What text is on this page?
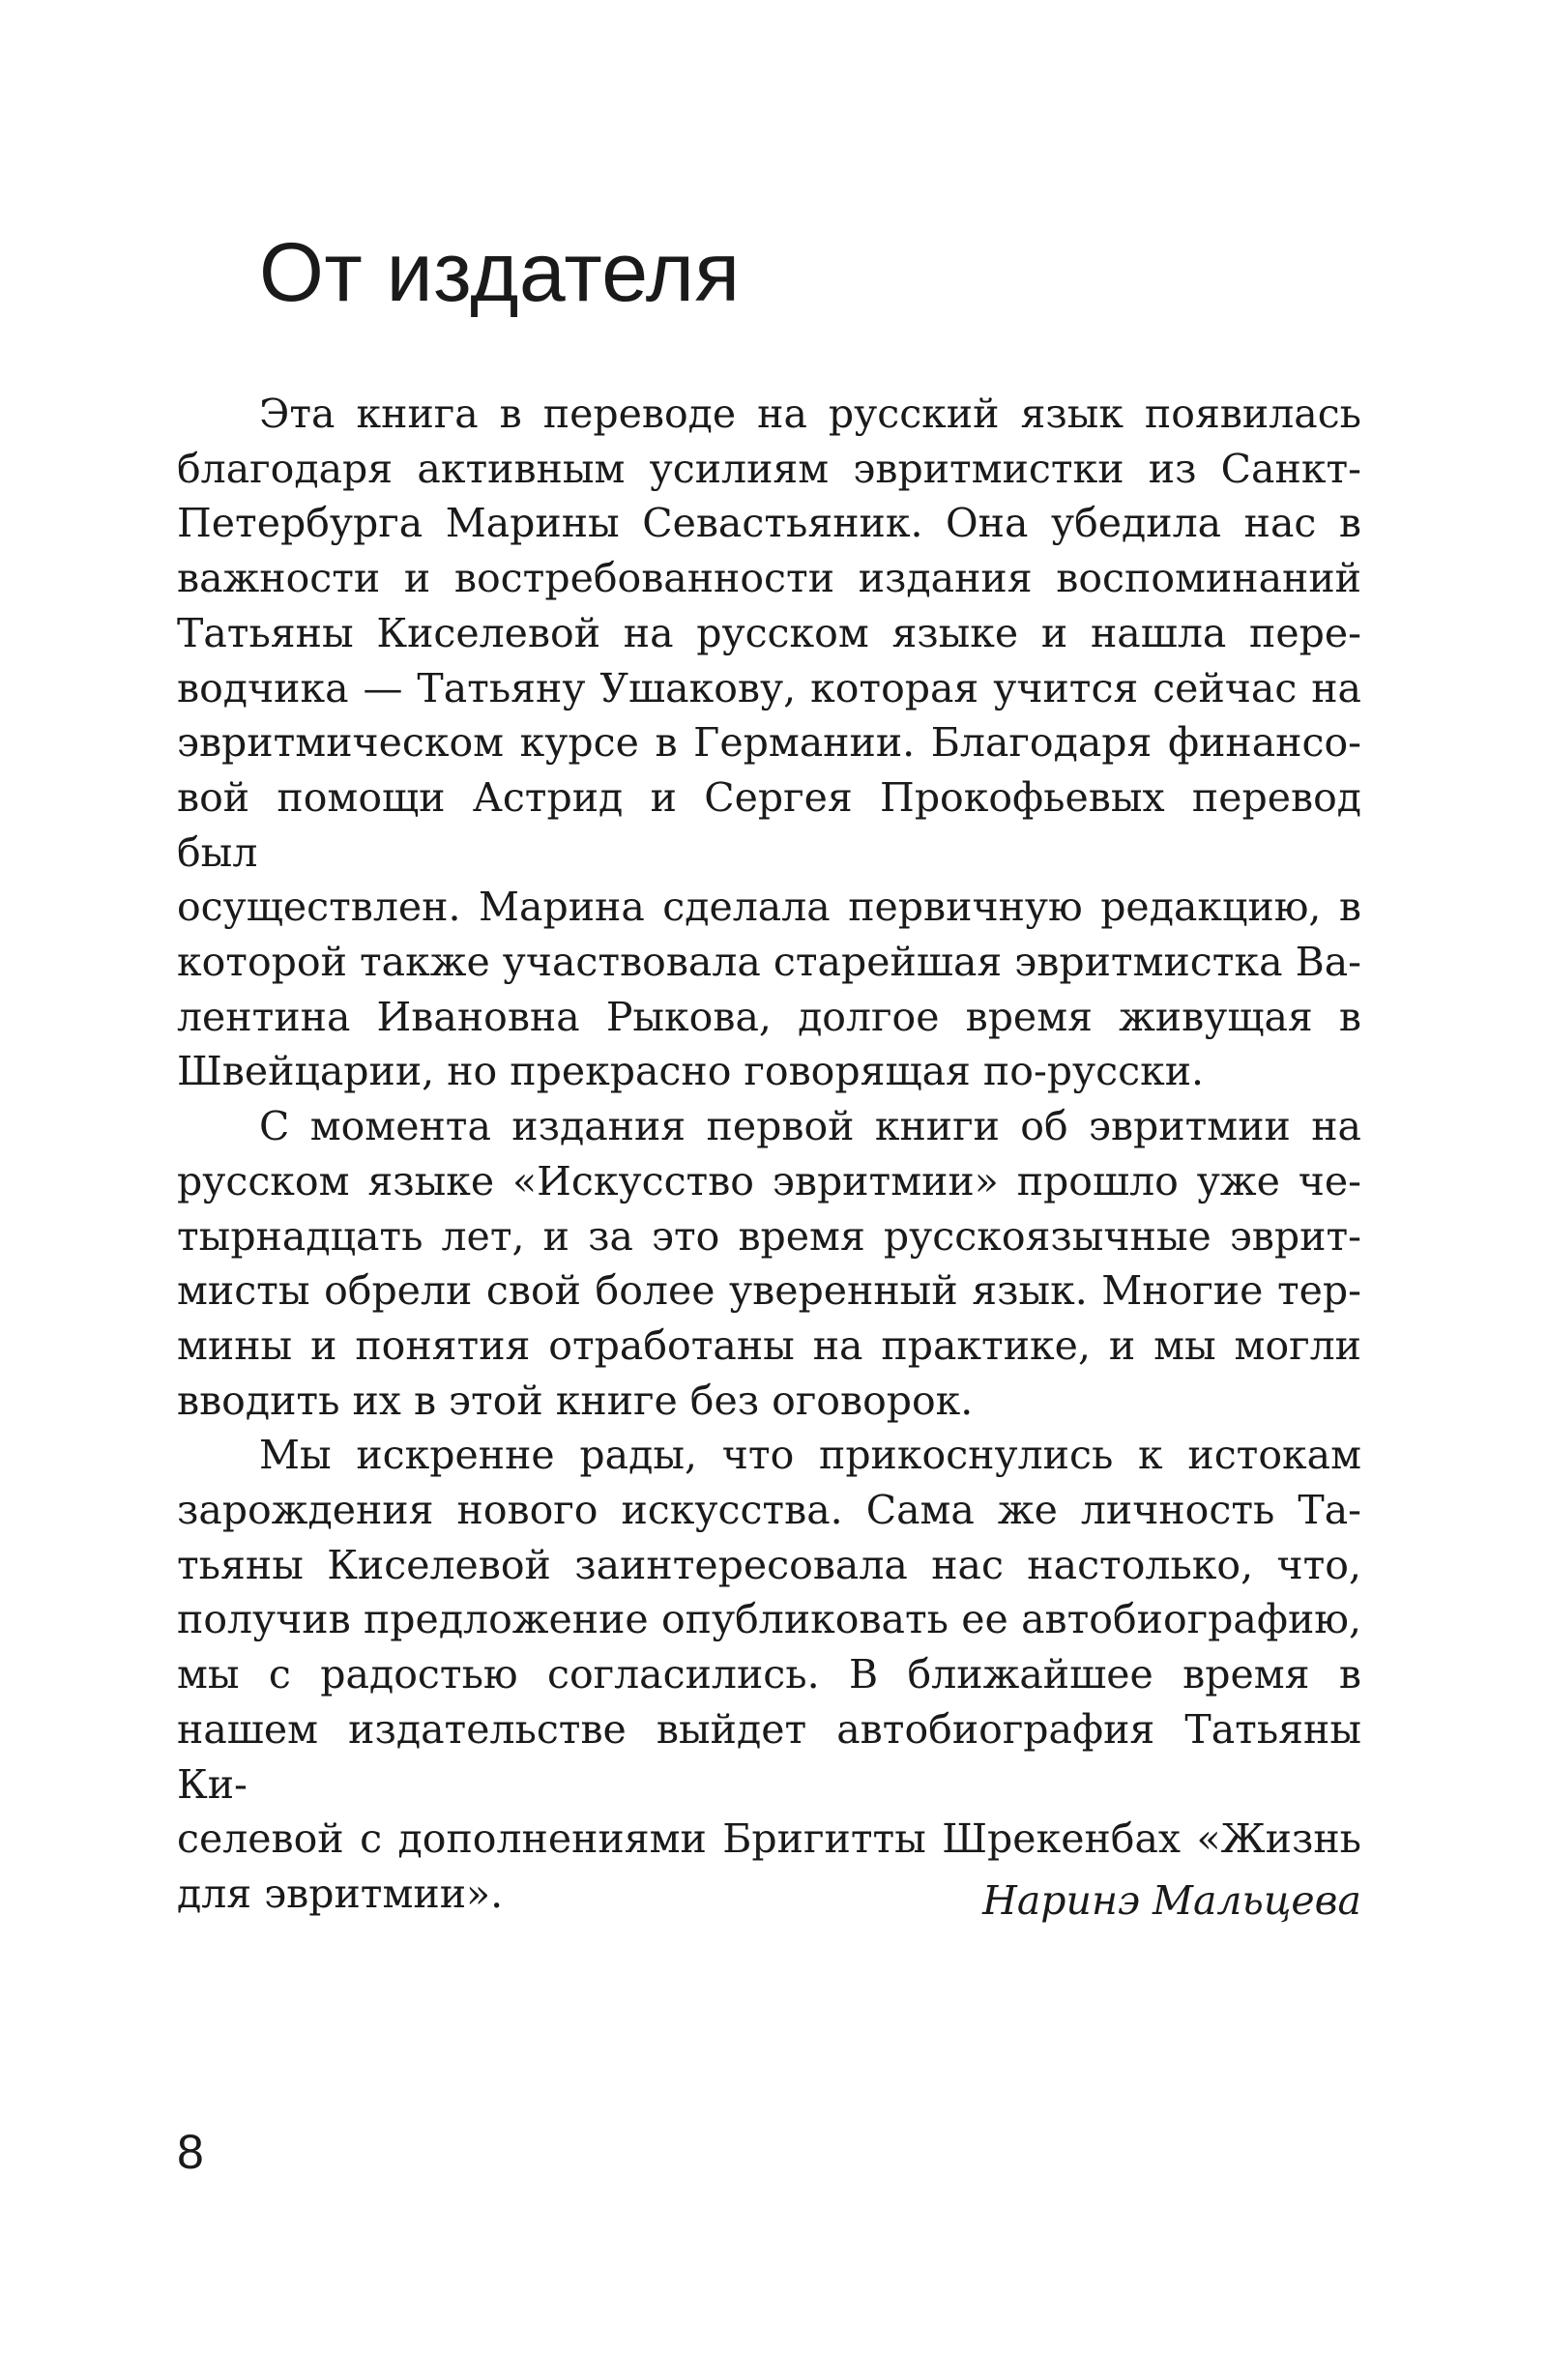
От издателя

Эта книга в переводе на русский язык появилась
благодаря активным усилиям эвритмистки из Санкт-
Петербурга Марины Севастьяник. Она убедила нас в
важности и востребованности издания воспоминаний
Татьяны Киселевой на русском языке и нашла пере-
водчика — Татьяну Ушакову, которая учится сейчас на
эвритмическом курсе в Германии. Благодаря финансо-
вой помощи Астрид и Сергея Прокофьевых перевод был
осуществлен. Марина сделала первичную редакцию, в
которой также участвовала старейшая эвритмистка Ва-
лентина Ивановна Рыкова, долгое время живущая в
Швейцарии, но прекрасно говорящая по-русски.

С момента издания первой книги об эвритмии на
русском языке «Искусство эвритмии» прошло уже че-
тырнадцать лет, и за это время русскоязычные эврит-
мисты обрели свой более уверенный язык. Многие тер-
мины и понятия отработаны на практике, и мы могли
вводить их в этой книге без оговорок.

Мы искренне рады, что прикоснулись к истокам
зарождения нового искусства. Сама же личность Та-
тьяны Киселевой заинтересовала нас настолько, что,
получив предложение опубликовать ее автобиографию,
мы с радостью согласились. В ближайшее время в
нашем издательстве выйдет автобиография Татьяны Ки-
селевой с дополнениями Бригитты Шрекенбах «Жизнь
для эвритмии».	Наринэ Мальцева

8
